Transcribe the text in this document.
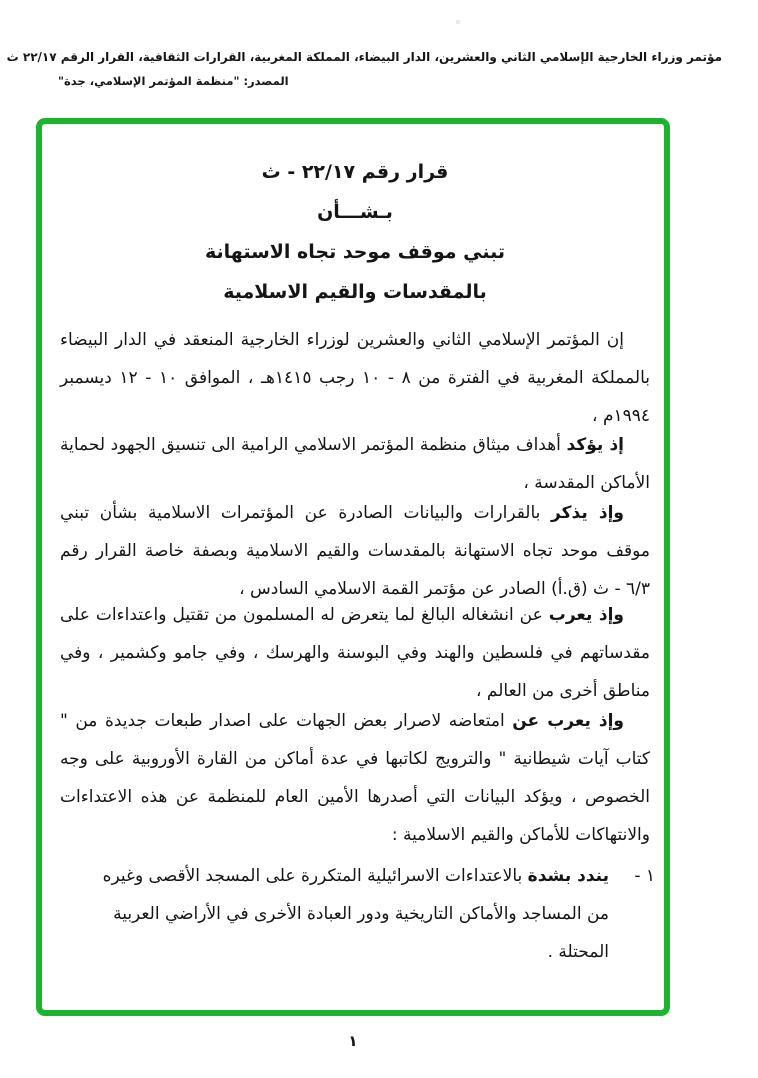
مؤتمر وزراء الخارجية الإسلامي الثاني والعشرين، الدار البيضاء، المملكة المغربية، القرارات الثقافية، القرار الرقم ٢٢/١٧ ث
المصدر: "منظمة المؤتمر الإسلامي، جدة"
قرار رقم ٢٢/١٧ - ث
بـشـــأن
تبني موقف موحد تجاه الاستهانة
بالمقدسات والقيم الاسلامية

إن المؤتمر الإسلامي الثاني والعشرين لوزراء الخارجية المنعقد في الدار البيضاء بالمملكة المغربية في الفترة من ٨ - ١٠ رجب ١٤١٥هـ ، الموافق ١٠ - ١٢ ديسمبر ١٩٩٤م ،

إذ يؤكد أهداف ميثاق منظمة المؤتمر الاسلامي الرامية الى تنسيق الجهود لحماية الأماكن المقدسة ،

وإذ يذكر بالقرارات والبيانات الصادرة عن المؤتمرات الاسلامية بشأن تبني موقف موحد تجاه الاستهانة بالمقدسات والقيم الاسلامية وبصفة خاصة القرار رقم ٦/٣ - ث (ق.أ) الصادر عن مؤتمر القمة الاسلامي السادس ،

وإذ يعرب عن انشغاله البالغ لما يتعرض له المسلمون من تقتيل واعتداءات على مقدساتهم في فلسطين والهند وفي البوسنة والهرسك ، وفي جامو وكشمير ، وفي مناطق أخرى من العالم ،

وإذ يعرب عن امتعاضه لاصرار بعض الجهات على اصدار طبعات جديدة من " كتاب آيات شيطانية " والترويج لكاتبها في عدة أماكن من القارة الأوروبية على وجه الخصوص ، ويؤكد البيانات التي أصدرها الأمين العام للمنظمة عن هذه الاعتداءات والانتهاكات للأماكن والقيم الاسلامية :

١ -
يندد بشدة بالاعتداءات الاسرائيلية المتكررة على المسجد الأقصى وغيره من المساجد والأماكن التاريخية ودور العبادة الأخرى في الأراضي العربية المحتلة .
١
